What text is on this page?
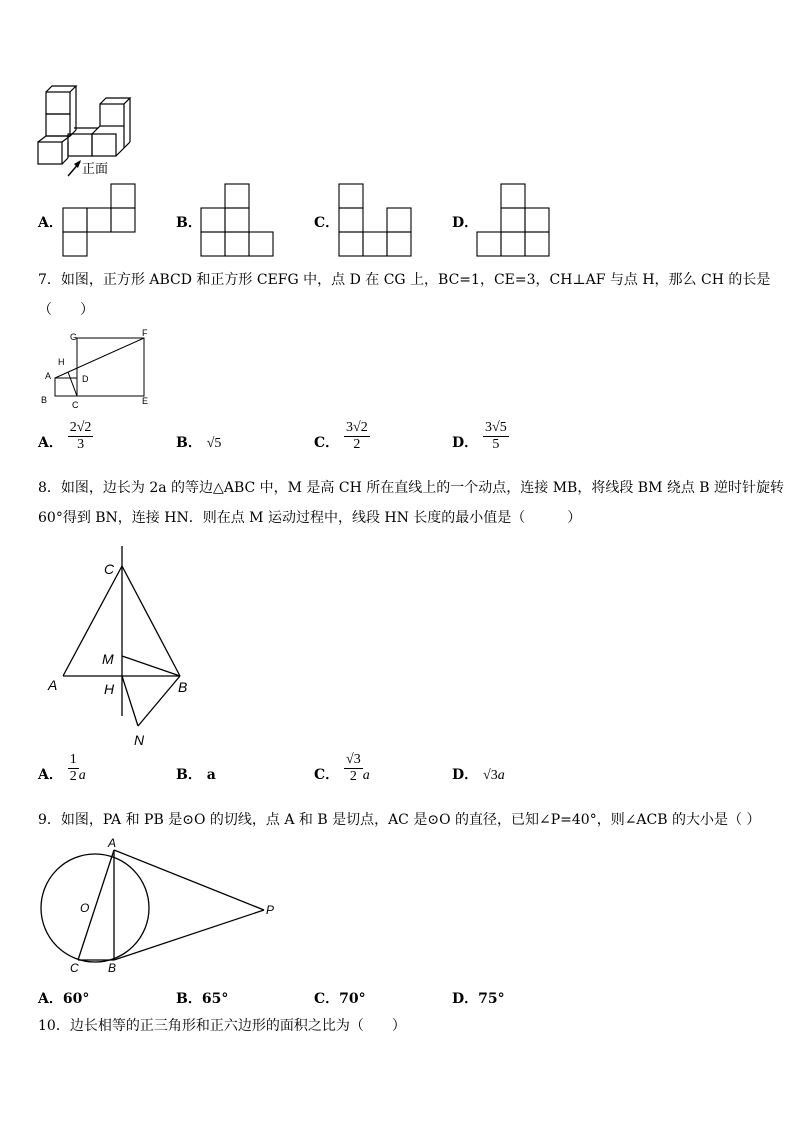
正面
A．	B．	C．	D．
7．如图，正方形 ABCD 和正方形 CEFG 中，点 D 在 CG 上，BC=1，CE=3，CH⊥AF 与点 H，那么 CH 的长是
（　　）
G	F
H
A	D
B	C	E
A． $\frac{2√2}{3}$	B． √5	C． $\frac{3√2}{2}$	D． $\frac{3√5}{5}$
8．如图，边长为 2a 的等边△ABC 中，M 是高 CH 所在直线上的一个动点，连接 MB，将线段 BM 绕点 B 逆时针旋转
60°得到 BN，连接 HN．则在点 M 运动过程中，线段 HN 长度的最小值是（　　　）
C
M
A	H	B
N
A． $\frac{1}{2}$ a	B． a	C． $\frac{√3}{2}$ a	D． √3a
9．如图，PA 和 PB 是⊙O 的切线，点 A 和 B 是切点，AC 是⊙O 的直径，已知∠P=40°，则∠ACB 的大小是（ ）
A
O	P
C B
A．60°	B．65°	C．70°	D．75°
10．边长相等的正三角形和正六边形的面积之比为（　　）
